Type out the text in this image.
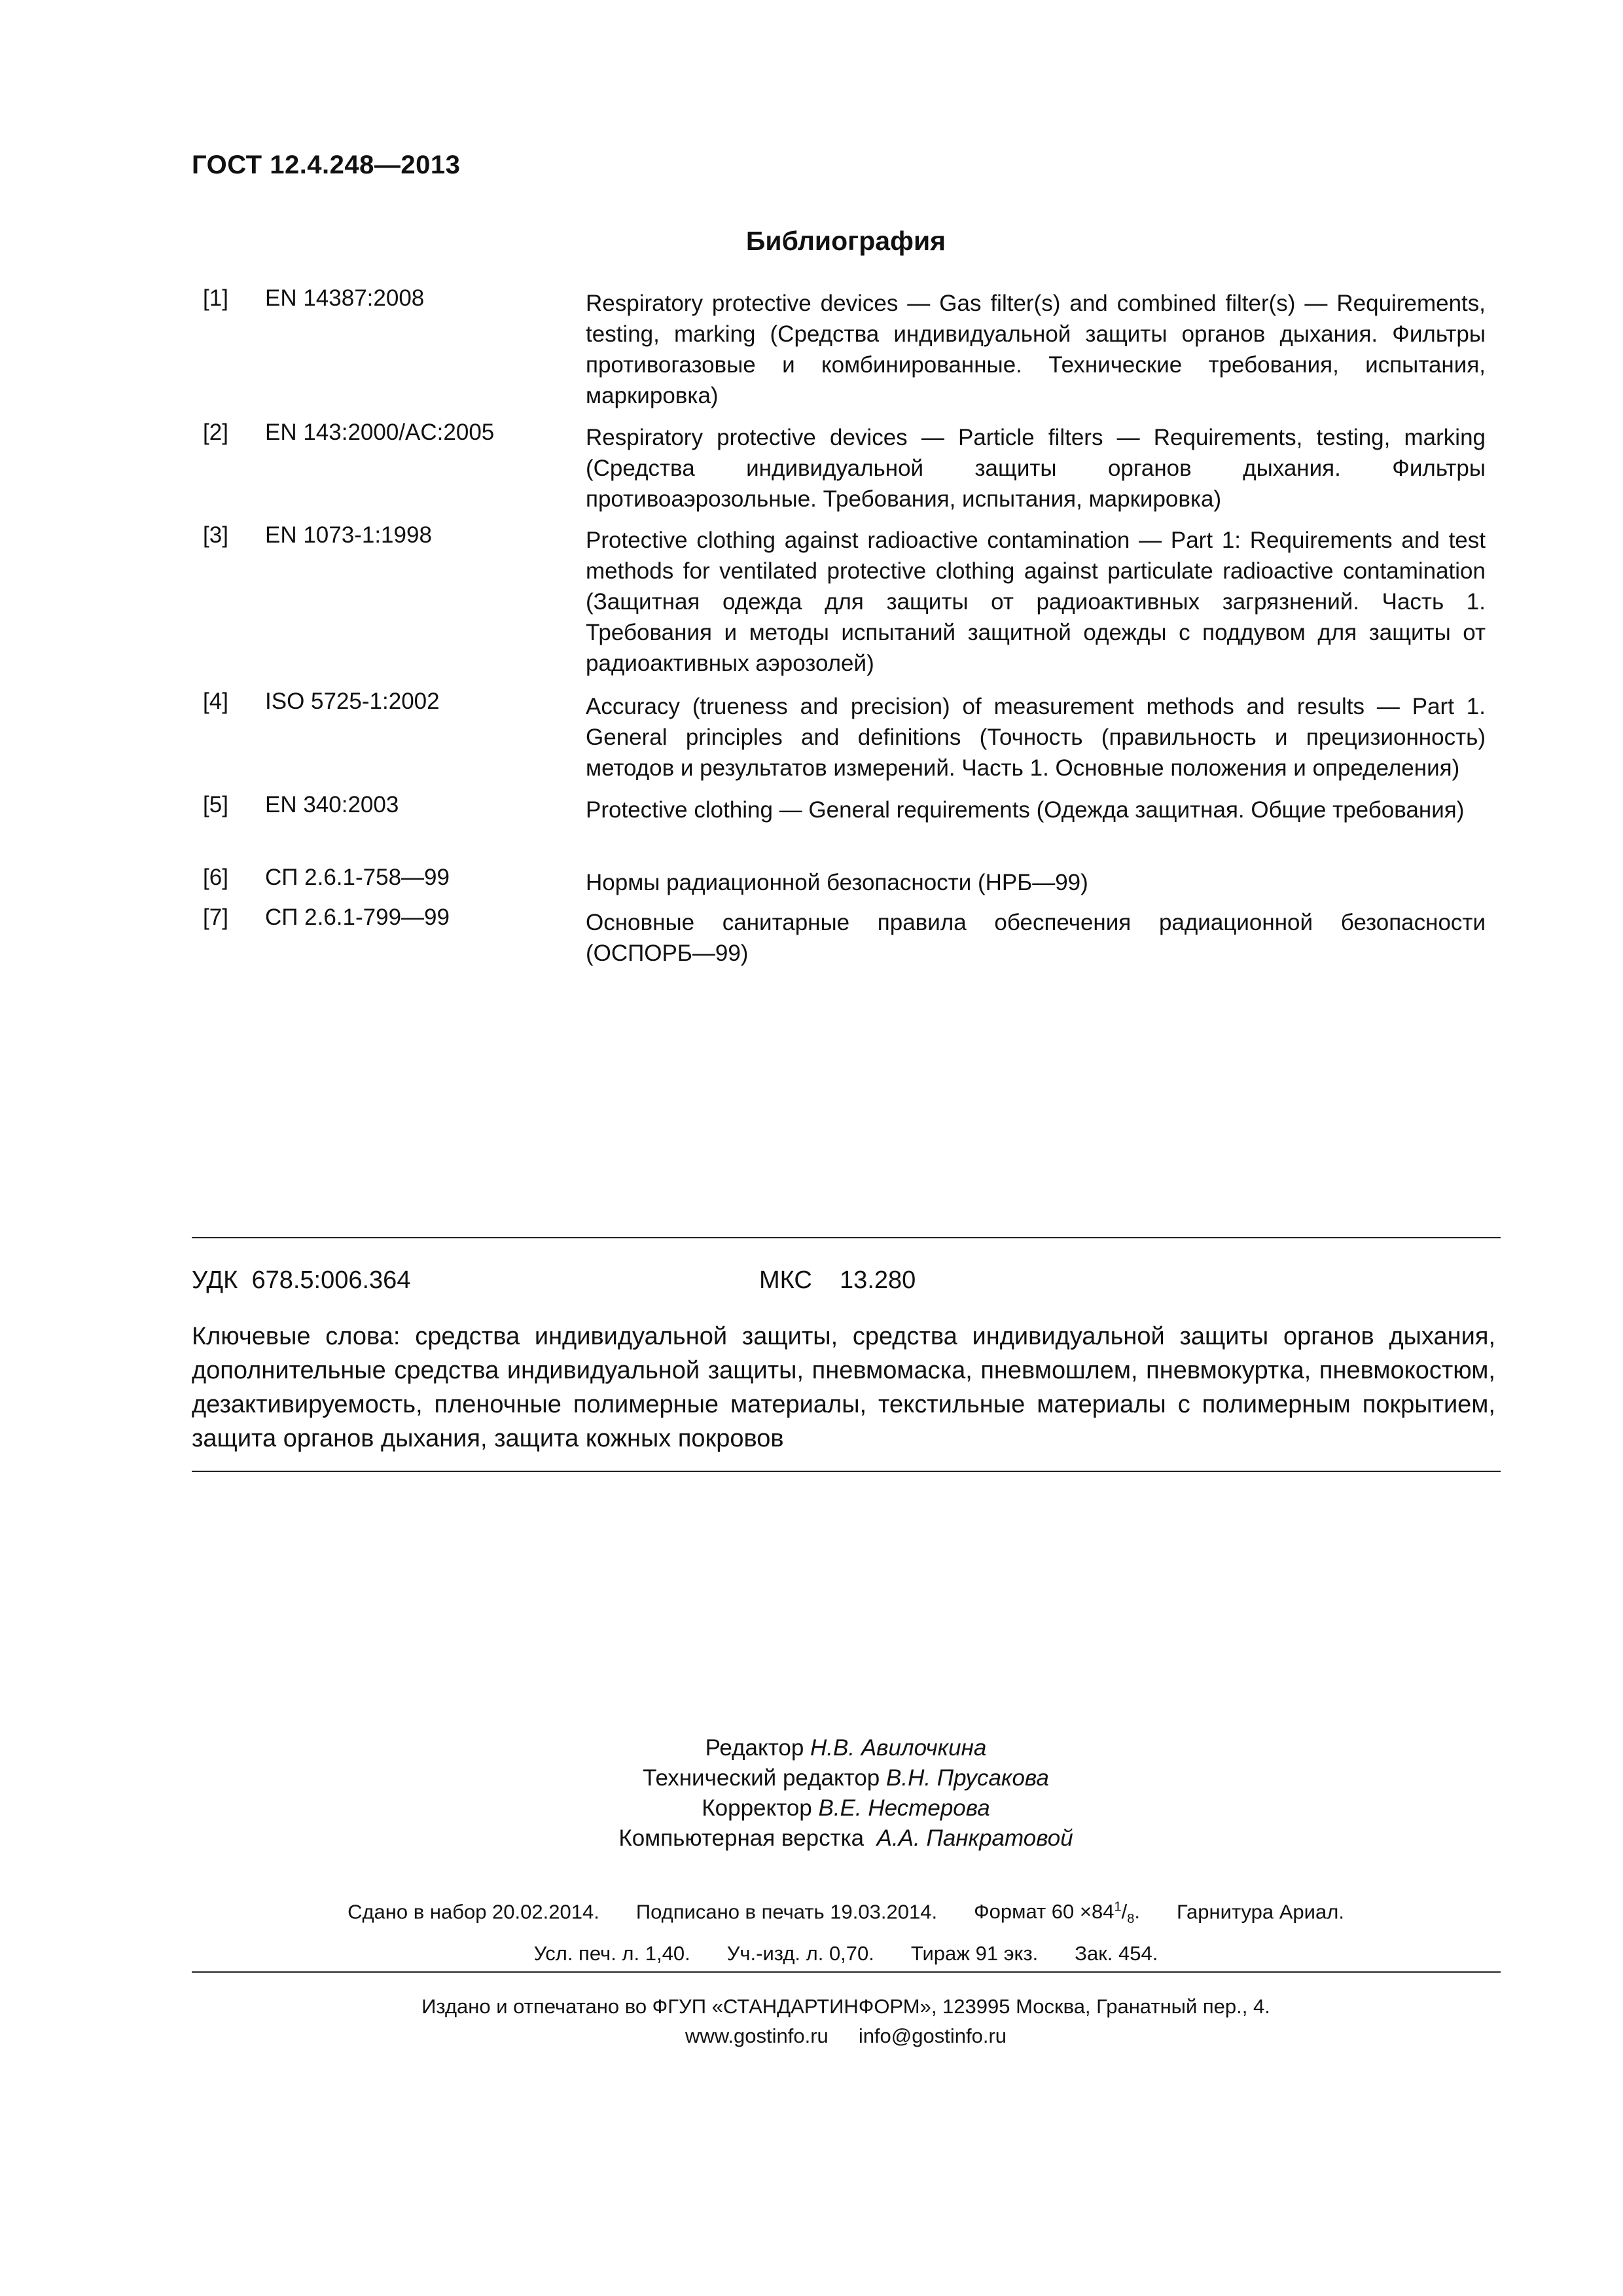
ГОСТ 12.4.248—2013
Библиография
[1] EN 14387:2008	Respiratory protective devices — Gas filter(s) and combined filter(s) — Requirements, testing, marking (Средства индивидуальной защиты органов дыхания. Фильтры противогазовые и комбинированные. Технические требования, испытания, маркировка)
[2] EN 143:2000/AC:2005	Respiratory protective devices — Particle filters — Requirements, testing, marking (Средства индивидуальной защиты органов дыхания. Фильтры противоаэрозольные. Требования, испытания, маркировка)
[3] EN 1073-1:1998	Protective clothing against radioactive contamination — Part 1: Requirements and test methods for ventilated protective clothing against particulate radioactive contamination (Защитная одежда для защиты от радиоактивных загрязнений. Часть 1. Требования и методы испытаний защитной одежды с поддувом для защиты от радиоактивных аэрозолей)
[4] ISO 5725-1:2002	Accuracy (trueness and precision) of measurement methods and results — Part 1. General principles and definitions (Точность (правильность и прецизионность) методов и результатов измерений. Часть 1. Основные положения и определения)
[5] EN 340:2003	Protective clothing — General requirements (Одежда защитная. Общие требования)
[6] СП 2.6.1-758—99	Нормы радиационной безопасности (НРБ—99)
[7] СП 2.6.1-799—99	Основные санитарные правила обеспечения радиационной безопасности (ОСПОРБ—99)
УДК 678.5:006.364	МКС 13.280
Ключевые слова: средства индивидуальной защиты, средства индивидуальной защиты органов дыхания, дополнительные средства индивидуальной защиты, пневмомаска, пневмошлем, пневмокуртка, пневмокостюм, дезактивируемость, пленочные полимерные материалы, текстильные материалы с полимерным покрытием, защита органов дыхания, защита кожных покровов
Редактор Н.В. Авилочкина
Технический редактор В.Н. Прусакова
Корректор В.Е. Нестерова
Компьютерная верстка А.А. Панкратовой
Сдано в набор 20.02.2014. Подписано в печать 19.03.2014. Формат $60 \times 84^1/_8$. Гарнитура Ариал.
Усл. печ. л. 1,40. Уч.-изд. л. 0,70. Тираж 91 экз. Зак. 454.
Издано и отпечатано во ФГУП «СТАНДАРТИНФОРМ», 123995 Москва, Гранатный пер., 4.
www.gostinfo.ru info@gostinfo.ru
